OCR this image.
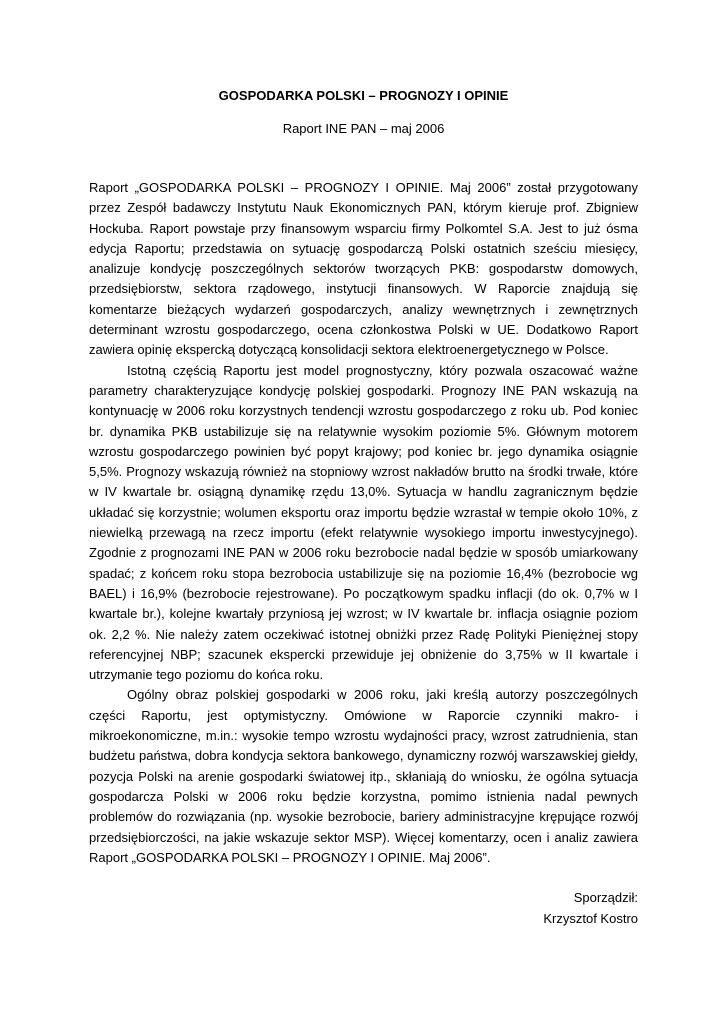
GOSPODARKA POLSKI – PROGNOZY I OPINIE

Raport INE PAN – maj 2006

Raport „GOSPODARKA POLSKI – PROGNOZY I OPINIE. Maj 2006” został przygotowany przez Zespół badawczy Instytutu Nauk Ekonomicznych PAN, którym kieruje prof. Zbigniew Hockuba. Raport powstaje przy finansowym wsparciu firmy Polkomtel S.A. Jest to już ósma edycja Raportu; przedstawia on sytuację gospodarczą Polski ostatnich sześciu miesięcy, analizuje kondycję poszczególnych sektorów tworzących PKB: gospodarstw domowych, przedsiębiorstw, sektora rządowego, instytucji finansowych. W Raporcie znajdują się komentarze bieżących wydarzeń gospodarczych, analizy wewnętrznych i zewnętrznych determinant wzrostu gospodarczego, ocena członkostwa Polski w UE. Dodatkowo Raport zawiera opinię ekspercką dotyczącą konsolidacji sektora elektroenergetycznego w Polsce.

Istotną częścią Raportu jest model prognostyczny, który pozwala oszacować ważne parametry charakteryzujące kondycję polskiej gospodarki. Prognozy INE PAN wskazują na kontynuację w 2006 roku korzystnych tendencji wzrostu gospodarczego z roku ub. Pod koniec br. dynamika PKB ustabilizuje się na relatywnie wysokim poziomie 5%. Głównym motorem wzrostu gospodarczego powinien być popyt krajowy; pod koniec br. jego dynamika osiągnie 5,5%. Prognozy wskazują również na stopniowy wzrost nakładów brutto na środki trwałe, które w IV kwartale br. osiągną dynamikę rzędu 13,0%. Sytuacja w handlu zagranicznym będzie układać się korzystnie; wolumen eksportu oraz importu będzie wzrastał w tempie około 10%, z niewielką przewagą na rzecz importu (efekt relatywnie wysokiego importu inwestycyjnego). Zgodnie z prognozami INE PAN w 2006 roku bezrobocie nadal będzie w sposób umiarkowany spadać; z końcem roku stopa bezrobocia ustabilizuje się na poziomie 16,4% (bezrobocie wg BAEL) i 16,9% (bezrobocie rejestrowane). Po początkowym spadku inflacji (do ok. 0,7% w I kwartale br.), kolejne kwartały przyniosą jej wzrost; w IV kwartale br. inflacja osiągnie poziom ok. 2,2 %. Nie należy zatem oczekiwać istotnej obniżki przez Radę Polityki Pieniężnej stopy referencyjnej NBP; szacunek ekspercki przewiduje jej obniżenie do 3,75% w II kwartale i utrzymanie tego poziomu do końca roku.

Ogólny obraz polskiej gospodarki w 2006 roku, jaki kreślą autorzy poszczególnych części Raportu, jest optymistyczny. Omówione w Raporcie czynniki makro- i mikroekonomiczne, m.in.: wysokie tempo wzrostu wydajności pracy, wzrost zatrudnienia, stan budżetu państwa, dobra kondycja sektora bankowego, dynamiczny rozwój warszawskiej giełdy, pozycja Polski na arenie gospodarki światowej itp., skłaniają do wniosku, że ogólna sytuacja gospodarcza Polski w 2006 roku będzie korzystna, pomimo istnienia nadal pewnych problemów do rozwiązania (np. wysokie bezrobocie, bariery administracyjne krępujące rozwój przedsiębiorczości, na jakie wskazuje sektor MSP). Więcej komentarzy, ocen i analiz zawiera Raport „GOSPODARKA POLSKI – PROGNOZY I OPINIE. Maj 2006”.

Sporządził:
Krzysztof Kostro
